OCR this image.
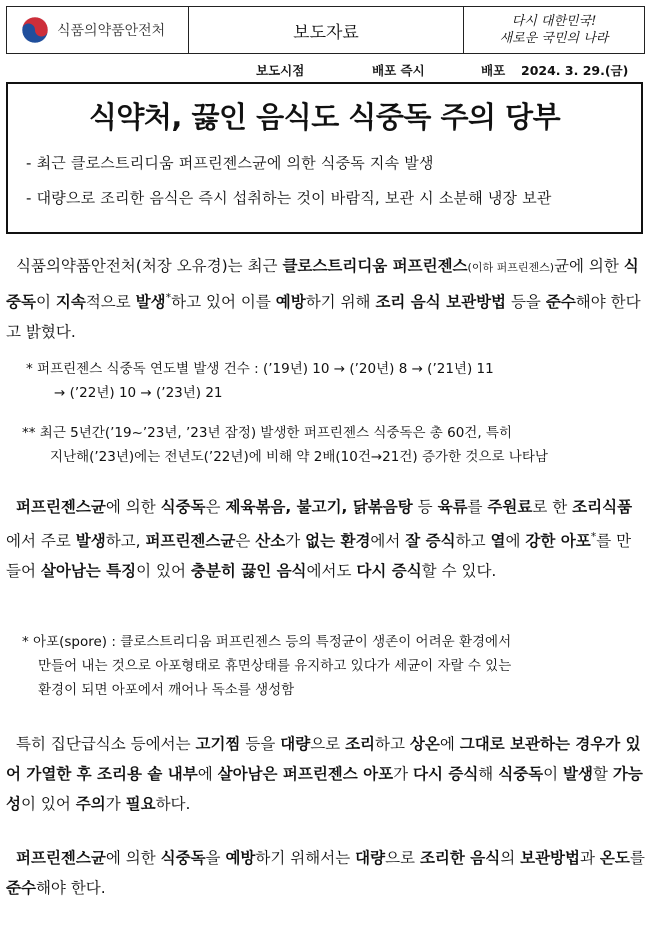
식품의약품안전처	보도자료
다시 대한민국!
새로운 국민의 나라
보도시점	배포 즉시	배포 2024. 3. 29.(금)
식약처, 끓인 음식도 식중독 주의 당부
- 최근 클로스트리디움 퍼프린젠스균에 의한 식중독 지속 발생
- 대량으로 조리한 음식은 즉시 섭취하는 것이 바람직, 보관 시 소분해 냉장 보관
식품의약품안전처(처장 오유경)는 최근 클로스트리디움 퍼프린젠스(이하 퍼프린젠스)균에 의한 식중독이 지속적으로 발생*하고 있어 이를 예방하기 위해 조리 음식 보관방법 등을 준수해야 한다고 밝혔다.
* 퍼프린젠스 식중독 연도별 발생 건수 : (’19년) 10 → (’20년) 8 → (’21년) 11
→ (’22년) 10 → (’23년) 21
** 최근 5년간(’19~’23년, ’23년 잠정) 발생한 퍼프린젠스 식중독은 총 60건, 특히
지난해(’23년)에는 전년도(’22년)에 비해 약 2배(10건→21건) 증가한 것으로 나타남
퍼프린젠스균에 의한 식중독은 제육볶음, 불고기, 닭볶음탕 등 육류를 주원료로 한 조리식품에서 주로 발생하고, 퍼프린젠스균은 산소가 없는 환경에서 잘 증식하고 열에 강한 아포*를 만들어 살아남는 특징이 있어 충분히 끓인 음식에서도 다시 증식할 수 있다.
* 아포(spore) : 클로스트리디움 퍼프린젠스 등의 특정균이 생존이 어려운 환경에서
만들어 내는 것으로 아포형태로 휴면상태를 유지하고 있다가 세균이 자랄 수 있는
환경이 되면 아포에서 깨어나 독소를 생성함
특히 집단급식소 등에서는 고기찜 등을 대량으로 조리하고 상온에 그대로 보관하는 경우가 있어 가열한 후 조리용 솥 내부에 살아남은 퍼프린젠스 아포가 다시 증식해 식중독이 발생할 가능성이 있어 주의가 필요하다.
퍼프린젠스균에 의한 식중독을 예방하기 위해서는 대량으로 조리한 음식의 보관방법과 온도를 준수해야 한다.
